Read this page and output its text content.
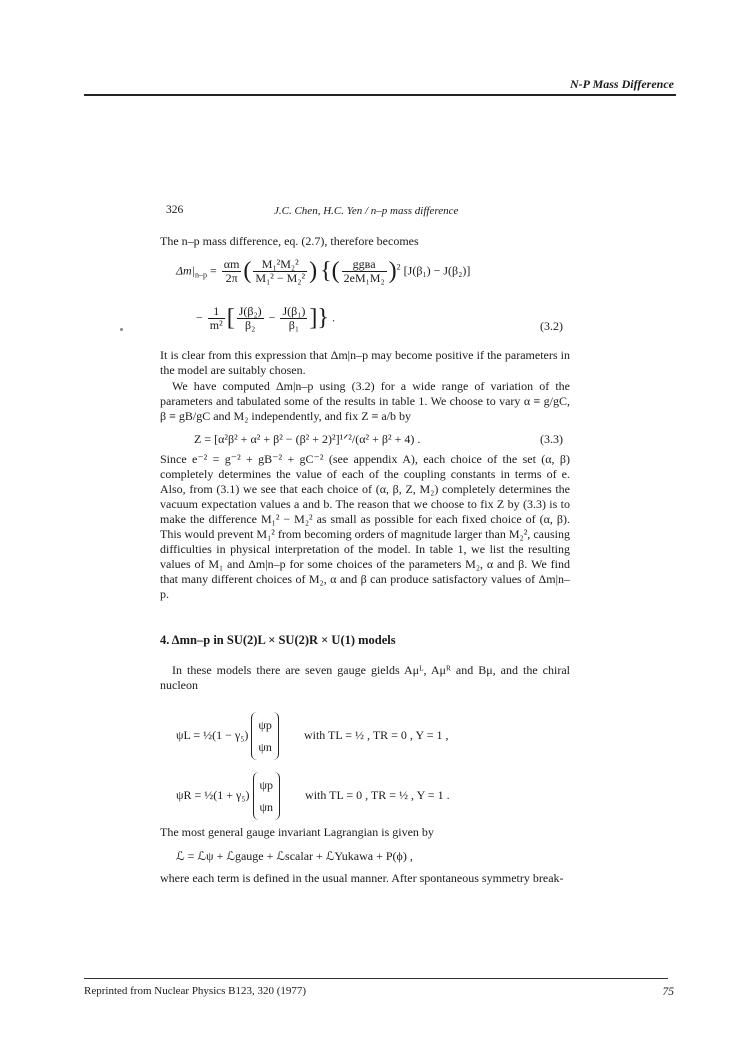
N-P Mass Difference
326	J.C. Chen, H.C. Yen / n–p mass difference
The n–p mass difference, eq. (2.7), therefore becomes
$\Delta m|_{n-p} = \frac{\alpha m}{2\pi}$ ( $\frac{\text{M₁²M₂²}}{\text{M₁² − M₂²}}$ ) {( $\frac{\text{ggʙa}}{\text{2eM₁M₂}} )^2$ [J(β₁) − J(β₂)]
− $\frac{1}{\text{m²}}$ [ $\frac{\text{J(β₂)}}{\text{β₂}} - \frac{\text{J(β₁)}}{\text{β₁}}$ ]} .
(3.2)
It is clear from this expression that Δm|n–p may become positive if the parameters in the model are suitably chosen.
We have computed Δm|n–p using (3.2) for a wide range of variation of the parameters and tabulated some of the results in table 1. We choose to vary α ≡ g/gC, β ≡ gB/gC and M₂ independently, and fix Z ≡ a/b by
Z = [α²β² + α² + β² − (β² + 2)²]¹ᐟ²/(α² + β² + 4) .	(3.3)
Since e⁻² = g⁻² + gB⁻² + gC⁻² (see appendix A), each choice of the set (α, β) completely determines the value of each of the coupling constants in terms of e. Also, from (3.1) we see that each choice of (α, β, Z, M₂) completely determines the vacuum expectation values a and b. The reason that we choose to fix Z by (3.3) is to make the difference M₁² − M₂² as small as possible for each fixed choice of (α, β). This would prevent M₁² from becoming orders of magnitude larger than M₂², causing difficulties in physical interpretation of the model. In table 1, we list the resulting values of M₁ and Δm|n–p for some choices of the parameters M₂, α and β. We find that many different choices of M₂, α and β can produce satisfactory values of Δm|n–p.
4. Δmn–p in SU(2)L × SU(2)R × U(1) models
In these models there are seven gauge gields Aμᴸ, Aμᴿ and Bμ, and the chiral nucleon
ψL = ½(1 − γ₅) ψp
ψn with TL = ½ , TR = 0 , Y = 1 ,
ψR = ½(1 + γ₅) ψp
ψn with TL = 0 , TR = ½ , Y = 1 .
The most general gauge invariant Lagrangian is given by
ℒ = ℒψ + ℒgauge + ℒscalar + ℒYukawa + P(ϕ) ,
where each term is defined in the usual manner. After spontaneous symmetry break-
Reprinted from Nuclear Physics B123, 320 (1977)	75
